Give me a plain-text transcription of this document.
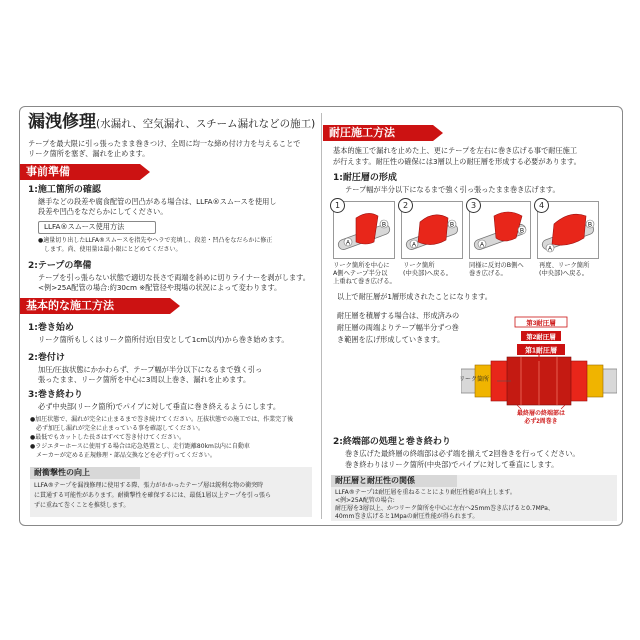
漏洩修理(水漏れ、空気漏れ、スチーム漏れなどの施工)
テープを最大限に引っ張ったまま巻きつけ、全周に均一な締め付け力を与えることで
リーク箇所を塞ぎ、漏れを止めます。
事前準備
1:施工箇所の確認
継手などの段差や腐食配管の凹凸がある場合は、LLFA®スムースを使用し
段差や凹凸をなだらかにしてください。
LLFA®スムース使用方法
●適量切り出したLLFA®スムースを指先やヘラで充填し、段差・凹凸をなだらかに修正
します。尚、使用量は最小限にとどめてください。
2:テープの準備
テープを引っ張らない状態で適切な長さで両端を斜めに切りライナーを剥がします。
<例>25A配管の場合:約30cm ※配管径や現場の状況によって変わります。
基本的な施工方法
1:巻き始め
リーク箇所もしくはリーク箇所付近(目安として1cm以内)から巻き始めます。
2:巻付け
加圧/圧抜状態にかかわらず、テープ幅が半分以下になるまで強く引っ
張ったまま、リーク箇所を中心に3周以上巻き、漏れを止めます。
3:巻き終わり
必ず中央部(リーク箇所)でパイプに対して垂直に巻き終えるようにします。
●加圧状態で、漏れが完全に止まるまで巻き続けてください。圧抜状態での施工では、作業完了後
　必ず加圧し漏れが完全に止まっている事を確認してください。
●最低でもカットした長さはすべて巻き付けてください。
●ラジエターホースに使用する場合は応急処置とし、走行距離80km以内に自動車
　メーカーが定める正規修理・部品交換などを必ず行ってください。
耐衝撃性の向上
LLFA®テープを漏洩修理に使用する際、張力がかかったテープ層は鋭利な物の衝突時
に貫通する可能性があります。耐衝撃性を確保するには、最低1層以上テープを引っ張ら
ずに重ねて巻くことを推奨します。
耐圧施工方法
基本的施工で漏れを止めた上、更にテープを左右に巻き広げる事で耐圧施工
が行えます。耐圧性の確保には3層以上の耐圧層を形成する必要があります。
1:耐圧層の形成
テープ幅が半分以下になるまで強く引っ張ったまま巻き広げます。
1
A
B
2
A
B
3
A
B
4
A
B
リーク箇所を中心に
A側へテープ半分以
上重ねて巻き広げる。
リーク箇所
(中央部)へ戻る。
同様に反対のB側へ
巻き広げる。
再度、リーク箇所
(中央部)へ戻る。
以上で耐圧層が1層形成されたことになります。
耐圧層を積層する場合は、形成済みの
耐圧層の両端よりテープ幅半分ずつ巻
き範囲を広げ形成していきます。
第3耐圧層
第2耐圧層
第1耐圧層
最終層の終端部は
必ず2周巻き
リーク箇所
2:終端部の処理と巻き終わり
巻き広げた最終層の終端部は必ず端を揃えて2回巻きを行ってください。
巻き終わりはリーク箇所(中央部)でパイプに対して垂直にします。
耐圧層と耐圧性の関係
LLFA®テープは耐圧層を重ねることにより耐圧性能が向上します。
<例>25A配管の場合:
耐圧層を3層以上、かつリーク箇所を中心に左右へ25mm巻き広げると0.7MPa、
40mm巻き広げると1Mpaの耐圧性能が得られます。
